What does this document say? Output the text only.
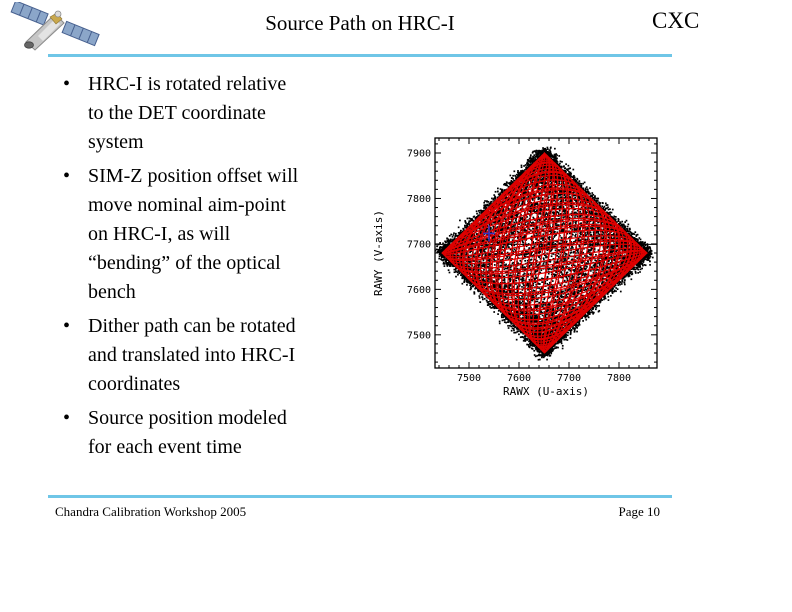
Source Path on HRC-I	CXC
• HRC-I is rotated relative
to the DET coordinate
system
• SIM-Z position offset will
move nominal aim-point
on HRC-I, as will
“bending” of the optical
bench
• Dither path can be rotated
and translated into HRC-I
coordinates
• Source position modeled
for each event time
Chandra Calibration Workshop 2005	Page 10
